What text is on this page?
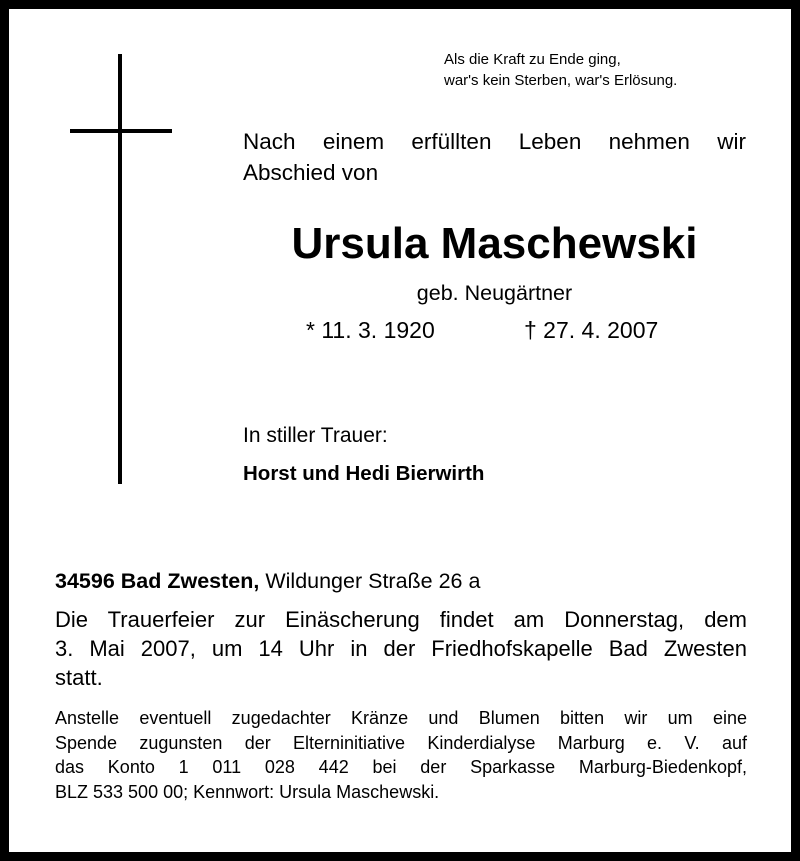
Als die Kraft zu Ende ging,
war's kein Sterben, war's Erlösung.
Nach einem erfüllten Leben nehmen wir
Abschied von
Ursula Maschewski
geb. Neugärtner
* 11. 3. 1920	† 27. 4. 2007
In stiller Trauer:
Horst und Hedi Bierwirth
34596 Bad Zwesten, Wildunger Straße 26 a
Die Trauerfeier zur Einäscherung findet am Donnerstag, dem
3. Mai 2007, um 14 Uhr in der Friedhofskapelle Bad Zwesten
statt.
Anstelle eventuell zugedachter Kränze und Blumen bitten wir um eine
Spende zugunsten der Elterninitiative Kinderdialyse Marburg e. V. auf
das Konto 1 011 028 442 bei der Sparkasse Marburg-Biedenkopf,
BLZ 533 500 00; Kennwort: Ursula Maschewski.
